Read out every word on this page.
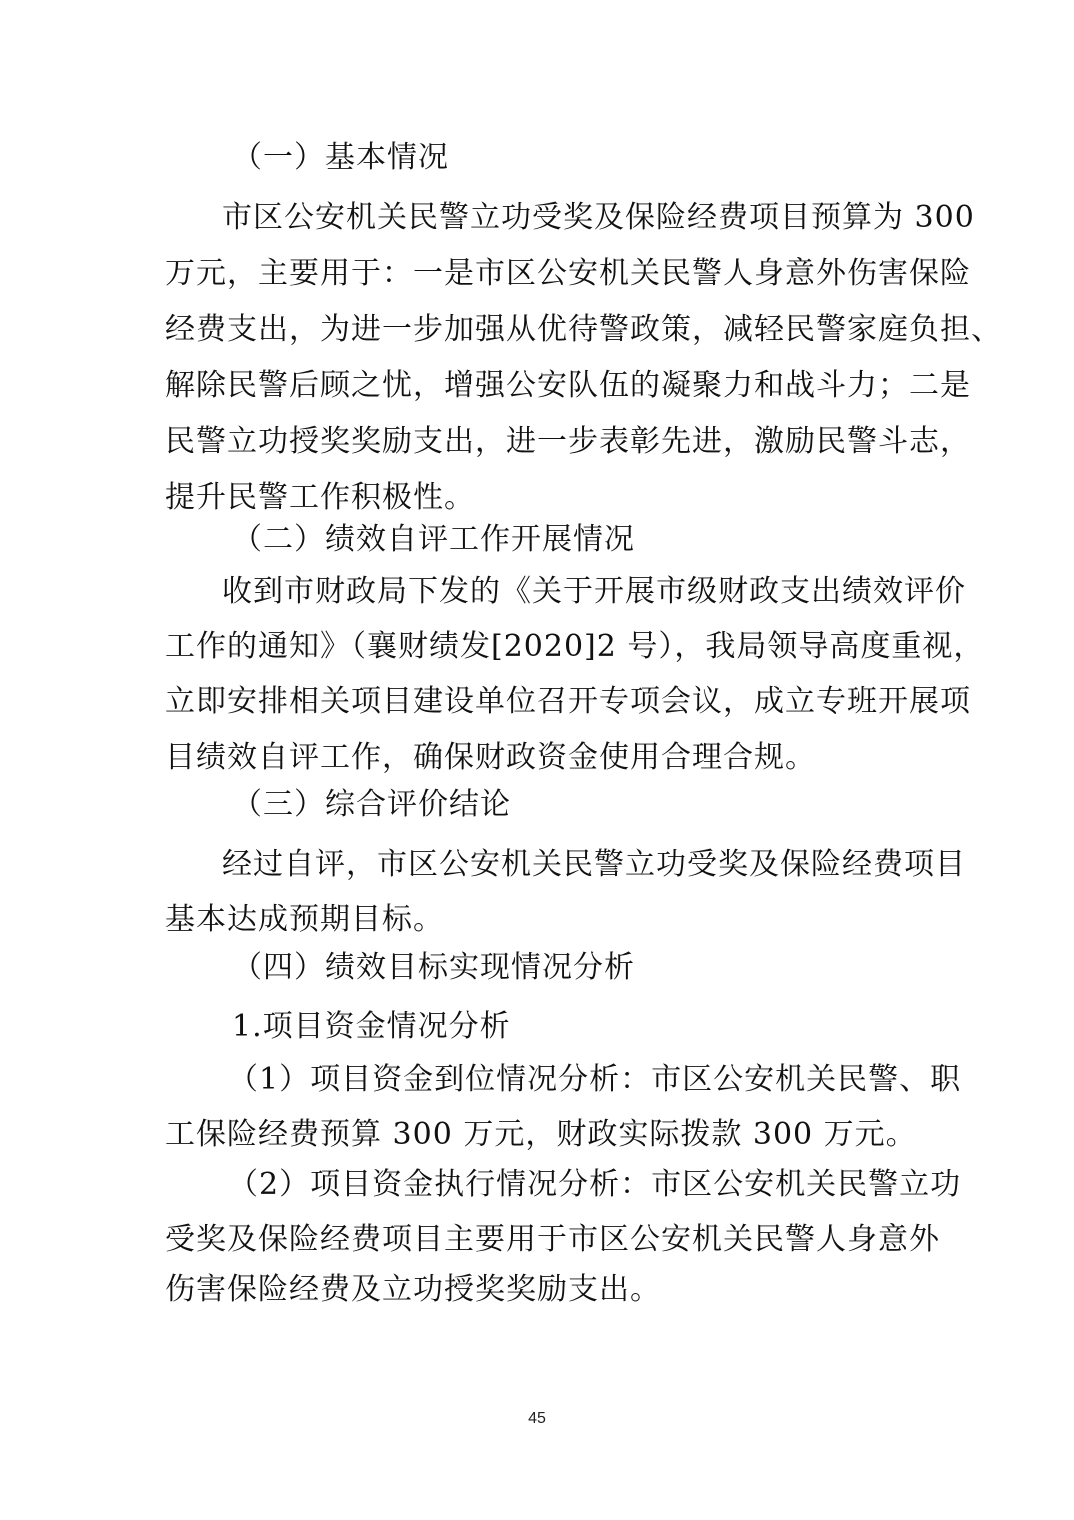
（一）基本情况
市区公安机关民警立功受奖及保险经费项目预算为 300
万元，主要用于：一是市区公安机关民警人身意外伤害保险
经费支出，为进一步加强从优待警政策，减轻民警家庭负担、
解除民警后顾之忧，增强公安队伍的凝聚力和战斗力；二是
民警立功授奖奖励支出，进一步表彰先进，激励民警斗志，
提升民警工作积极性。
（二）绩效自评工作开展情况
收到市财政局下发的《关于开展市级财政支出绩效评价
工作的通知》（襄财绩发[2020]2 号），我局领导高度重视，
立即安排相关项目建设单位召开专项会议，成立专班开展项
目绩效自评工作，确保财政资金使用合理合规。
（三）综合评价结论
经过自评，市区公安机关民警立功受奖及保险经费项目
基本达成预期目标。
（四）绩效目标实现情况分析
1.项目资金情况分析
（1）项目资金到位情况分析：市区公安机关民警、职
工保险经费预算 300 万元，财政实际拨款 300 万元。
（2）项目资金执行情况分析：市区公安机关民警立功
受奖及保险经费项目主要用于市区公安机关民警人身意外
伤害保险经费及立功授奖奖励支出。
45
